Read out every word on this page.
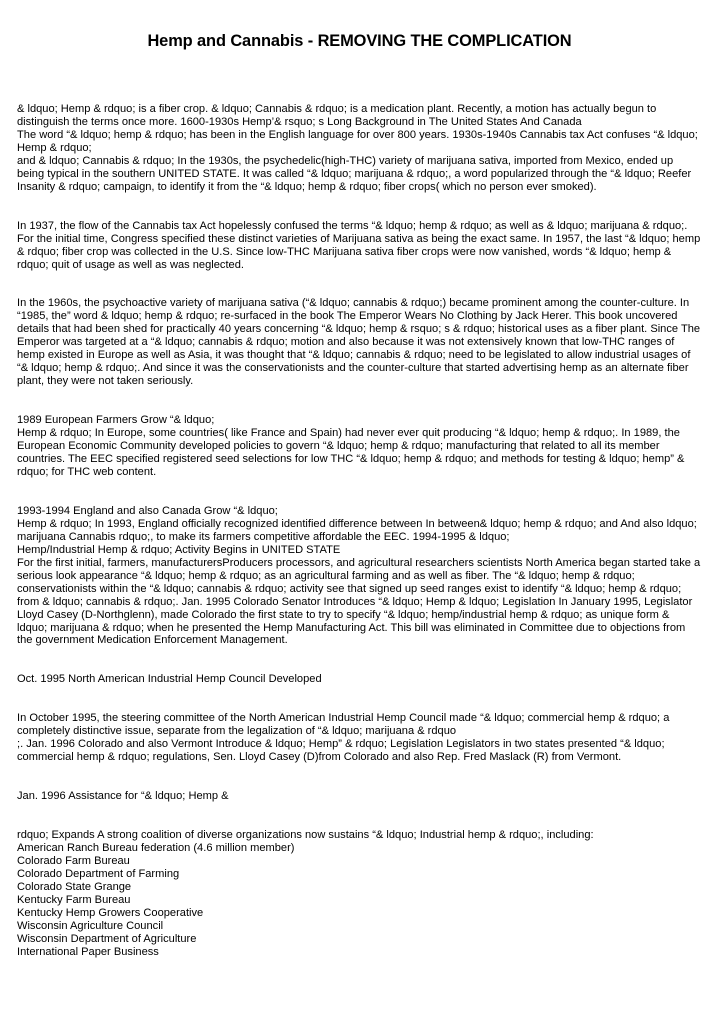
Hemp and Cannabis - REMOVING THE COMPLICATION

& ldquo; Hemp & rdquo; is a fiber crop. & ldquo; Cannabis & rdquo; is a medication plant. Recently, a motion has actually begun to distinguish the terms once more. 1600-1930s Hemp’& rsquo; s Long Background in The United States And Canada
The word “& ldquo; hemp & rdquo; has been in the English language for over 800 years. 1930s-1940s Cannabis tax Act confuses “& ldquo; Hemp & rdquo;
and & ldquo; Cannabis & rdquo; In the 1930s, the psychedelic(high-THC) variety of marijuana sativa, imported from Mexico, ended up being typical in the southern UNITED STATE. It was called “& ldquo; marijuana & rdquo;, a word popularized through the “& ldquo; Reefer Insanity & rdquo; campaign, to identify it from the “& ldquo; hemp & rdquo; fiber crops( which no person ever smoked).

In 1937, the flow of the Cannabis tax Act hopelessly confused the terms “& ldquo; hemp & rdquo; as well as & ldquo; marijuana & rdquo;. For the initial time, Congress specified these distinct varieties of Marijuana sativa as being the exact same. In 1957, the last “& ldquo; hemp & rdquo; fiber crop was collected in the U.S. Since low-THC Marijuana sativa fiber crops were now vanished, words “& ldquo; hemp & rdquo; quit of usage as well as was neglected.

In the 1960s, the psychoactive variety of marijuana sativa (“& ldquo; cannabis & rdquo;) became prominent among the counter-culture. In “1985, the” word & ldquo; hemp & rdquo; re-surfaced in the book The Emperor Wears No Clothing by Jack Herer. This book uncovered details that had been shed for practically 40 years concerning “& ldquo; hemp & rsquo; s & rdquo; historical uses as a fiber plant. Since The Emperor was targeted at a “& ldquo; cannabis & rdquo; motion and also because it was not extensively known that low-THC ranges of hemp existed in Europe as well as Asia, it was thought that “& ldquo; cannabis & rdquo; need to be legislated to allow industrial usages of “& ldquo; hemp & rdquo;. And since it was the conservationists and the counter-culture that started advertising hemp as an alternate fiber plant, they were not taken seriously.

1989 European Farmers Grow “& ldquo;
Hemp & rdquo; In Europe, some countries( like France and Spain) had never ever quit producing “& ldquo; hemp & rdquo;. In 1989, the European Economic Community developed policies to govern “& ldquo; hemp & rdquo; manufacturing that related to all its member countries. The EEC specified registered seed selections for low THC “& ldquo; hemp & rdquo; and methods for testing & ldquo; hemp” & rdquo; for THC web content.

1993-1994 England and also Canada Grow “& ldquo;
Hemp & rdquo; In 1993, England officially recognized identified difference between In between& ldquo; hemp & rdquo; and And also ldquo; marijuana Cannabis rdquo;, to make its farmers competitive affordable the EEC. 1994-1995 & ldquo;
Hemp/Industrial Hemp & rdquo; Activity Begins in UNITED STATE
For the first initial, farmers, manufacturersProducers processors, and agricultural researchers scientists North America began started take a serious look appearance “& ldquo; hemp & rdquo; as an agricultural farming and as well as fiber. The “& ldquo; hemp & rdquo; conservationists within the “& ldquo; cannabis & rdquo; activity see that signed up seed ranges exist to identify “& ldquo; hemp & rdquo; from & ldquo; cannabis & rdquo;. Jan. 1995 Colorado Senator Introduces “& ldquo; Hemp & ldquo; Legislation In January 1995, Legislator Lloyd Casey (D-Northglenn), made Colorado the first state to try to specify “& ldquo; hemp/industrial hemp & rdquo; as unique form & ldquo; marijuana & rdquo; when he presented the Hemp Manufacturing Act. This bill was eliminated in Committee due to objections from the government Medication Enforcement Management.

Oct. 1995 North American Industrial Hemp Council Developed

In October 1995, the steering committee of the North American Industrial Hemp Council made “& ldquo; commercial hemp & rdquo; a completely distinctive issue, separate from the legalization of “& ldquo; marijuana & rdquo
;. Jan. 1996 Colorado and also Vermont Introduce & ldquo; Hemp” & rdquo; Legislation Legislators in two states presented “& ldquo; commercial hemp & rdquo; regulations, Sen. Lloyd Casey (D)from Colorado and also Rep. Fred Maslack (R) from Vermont.

Jan. 1996 Assistance for “& ldquo; Hemp &

rdquo; Expands A strong coalition of diverse organizations now sustains “& ldquo; Industrial hemp & rdquo;, including:
American Ranch Bureau federation (4.6 million member)
Colorado Farm Bureau
Colorado Department of Farming
Colorado State Grange
Kentucky Farm Bureau
Kentucky Hemp Growers Cooperative
Wisconsin Agriculture Council
Wisconsin Department of Agriculture
International Paper Business
